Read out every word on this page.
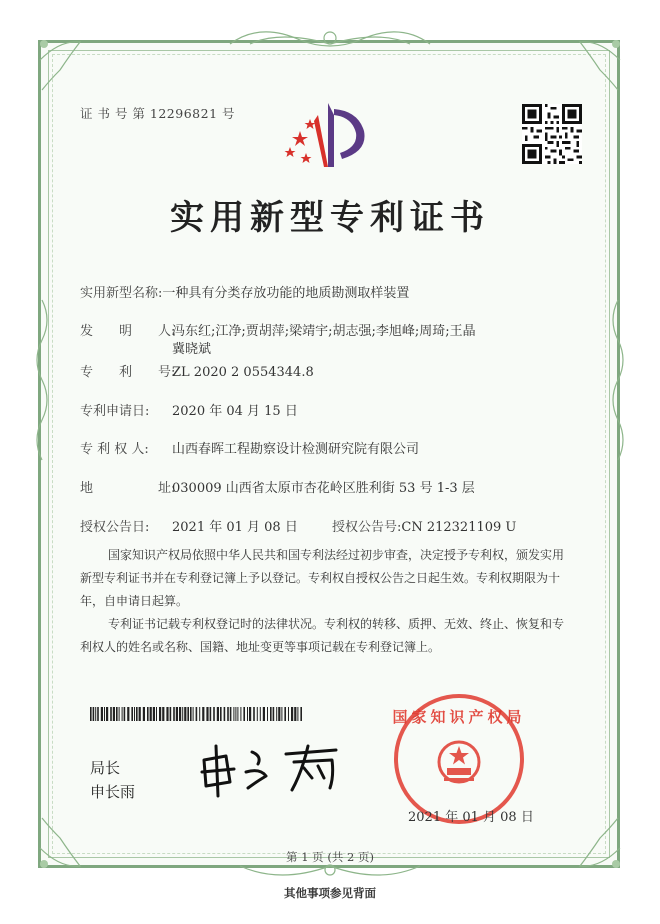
证 书 号 第 12296821 号
实用新型专利证书
实用新型名称:一种具有分类存放功能的地质勘测取样装置
发　　明　　人:冯东红;江净;贾胡萍;梁靖宇;胡志强;李旭峰;周琦;王晶
冀晓斌
专　　利　　号:ZL 2020 2 0554344.8
专利申请日: 2020 年 04 月 15 日
专 利 权 人: 山西春晖工程勘察设计检测研究院有限公司
地　　　　　址:030009 山西省太原市杏花岭区胜利街 53 号 1-3 层
授权公告日: 2021 年 01 月 08 日	授权公告号:CN 212321109 U
国家知识产权局依照中华人民共和国专利法经过初步审查，决定授予专利权，颁发实用
新型专利证书并在专利登记簿上予以登记。专利权自授权公告之日起生效。专利权期限为十
年，自申请日起算。
专利证书记载专利权登记时的法律状况。专利权的转移、质押、无效、终止、恢复和专
利权人的姓名或名称、国籍、地址变更等事项记载在专利登记簿上。
局长
申长雨
国家知识产权局
2021 年 01 月 08 日
第 1 页 (共 2 页)
其他事项参见背面
